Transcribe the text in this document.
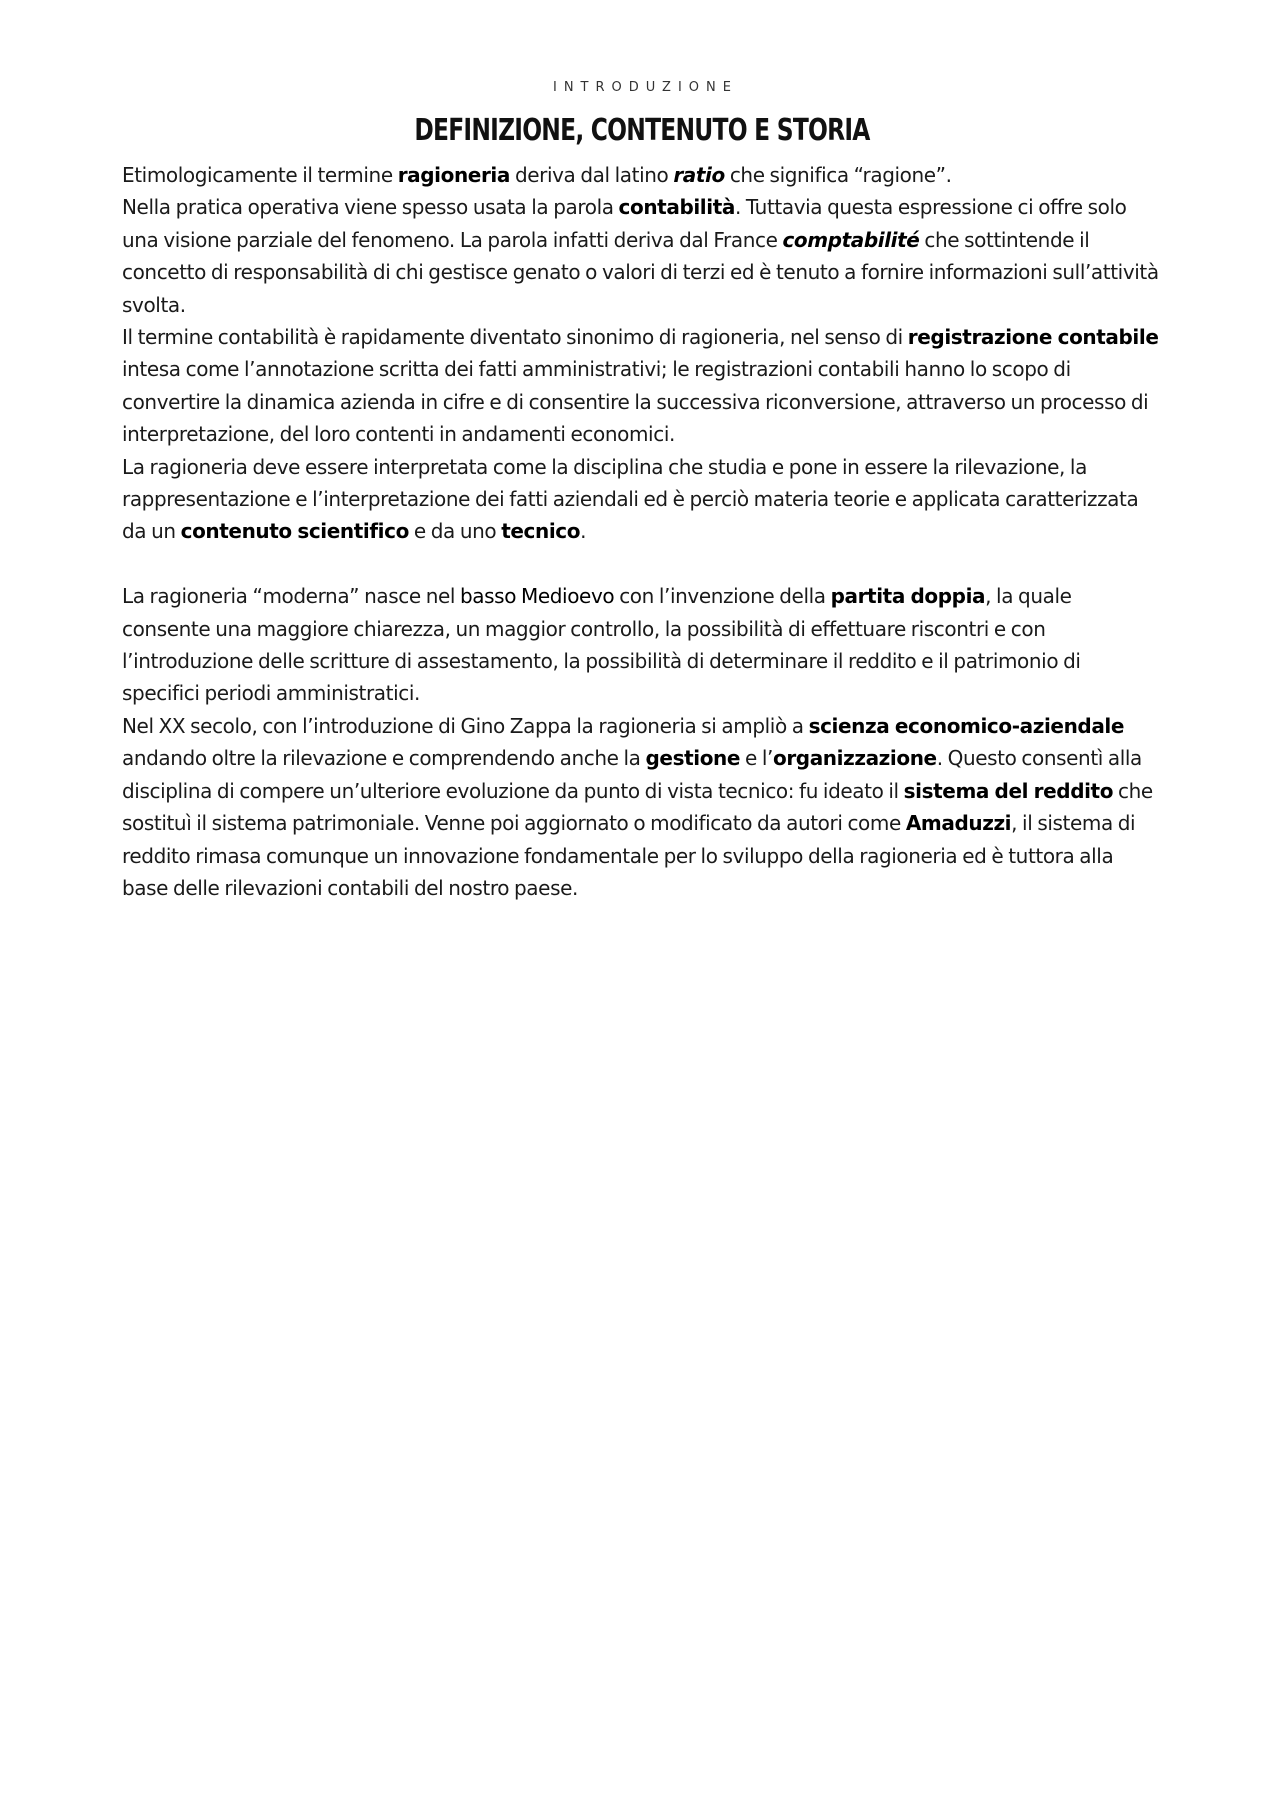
INTRODUZIONE
DEFINIZIONE, CONTENUTO E STORIA

Etimologicamente il termine ragioneria deriva dal latino ratio che significa “ragione”.

Nella pratica operativa viene spesso usata la parola contabilità. Tuttavia questa espressione ci offre solo una visione parziale del fenomeno. La parola infatti deriva dal France comptabilité che sottintende il concetto di responsabilità di chi gestisce genato o valori di terzi ed è tenuto a fornire informazioni sull’attività svolta.

Il termine contabilità è rapidamente diventato sinonimo di ragioneria, nel senso di registrazione contabile intesa come l’annotazione scritta dei fatti amministrativi; le registrazioni contabili hanno lo scopo di convertire la dinamica azienda in cifre e di consentire la successiva riconversione, attraverso un processo di interpretazione, del loro contenti in andamenti economici.

La ragioneria deve essere interpretata come la disciplina che studia e pone in essere la rilevazione, la rappresentazione e l’interpretazione dei fatti aziendali ed è perciò materia teorie e applicata caratterizzata da un contenuto scientifico e da uno tecnico.

La ragioneria “moderna” nasce nel basso Medioevo con l’invenzione della partita doppia, la quale consente una maggiore chiarezza, un maggior controllo, la possibilità di effettuare riscontri e con l’introduzione delle scritture di assestamento, la possibilità di determinare il reddito e il patrimonio di specifici periodi amministratici.

Nel XX secolo, con l’introduzione di Gino Zappa la ragioneria si ampliò a scienza economico-aziendale andando oltre la rilevazione e comprendendo anche la gestione e l’organizzazione. Questo consentì alla disciplina di compere un’ulteriore evoluzione da punto di vista tecnico: fu ideato il sistema del reddito che sostituì il sistema patrimoniale. Venne poi aggiornato o modificato da autori come Amaduzzi, il sistema di reddito rimasa comunque un innovazione fondamentale per lo sviluppo della ragioneria ed è tuttora alla base delle rilevazioni contabili del nostro paese.
